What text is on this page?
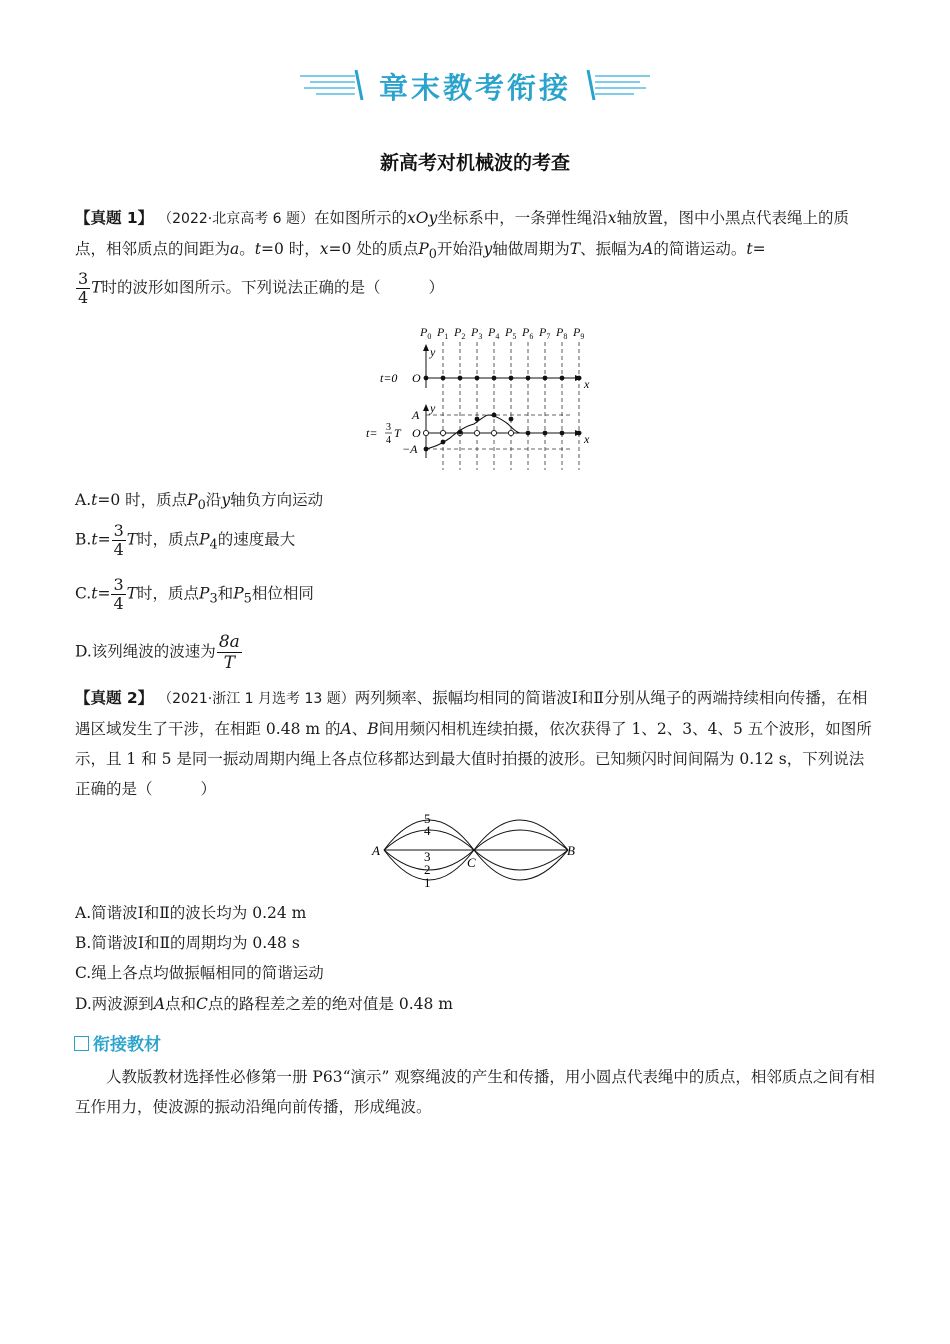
章末教考衔接
新高考对机械波的考查

【真题 1】 （2022·北京高考 6 题）在如图所示的xOy坐标系中，一条弹性绳沿x轴放置，图中小黑点代表绳上的质点，相邻质点的间距为a。t=0 时，x=0 处的质点$P_0$开始沿y轴做周期为T、振幅为A的简谐运动。t=

$\frac{3}{4}$ T时的波形如图所示。下列说法正确的是（	）

$P_0$ $P_1$ $P_2$ $P_3$ $P_4$ $P_5$ $P_6$ $P_7$ $P_8$ $P_9$
t=0
t= 3
4
T
O
O
x
x
y
y
A
−A
A.t=0 时，质点$P_0$沿y轴负方向运动
$B.t= \frac{3}{4}$ T时，质点$P_4$的速度最大
$C.t= \frac{3}{4}$ T时，质点$P_3$和$P_5$相位相同
D.该列绳波的波速为 $\frac{8a}{T}$

【真题 2】 （2021·浙江 1 月选考 13 题）两列频率、振幅均相同的简谐波Ⅰ和Ⅱ分别从绳子的两端持续相向传播，在相遇区域发生了干涉，在相距 0.48 m 的A、B间用频闪相机连续拍摄，依次获得了 1、2、3、4、5 五个波形，如图所示，且 1 和 5 是同一振动周期内绳上各点位移都达到最大值时拍摄的波形。已知频闪时间间隔为 0.12 s，下列说法正确的是（	）

A	B
C
5
4
3
2
1
A.简谐波Ⅰ和Ⅱ的波长均为 0.24 m
B.简谐波Ⅰ和Ⅱ的周期均为 0.48 s
C.绳上各点均做振幅相同的简谐运动
D.两波源到A点和C点的路程差之差的绝对值是 0.48 m
衔接教材

人教版教材选择性必修第一册 P63“演示” 观察绳波的产生和传播，用小圆点代表绳中的质点，相邻质点之间有相互作用力，使波源的振动沿绳向前传播，形成绳波。
